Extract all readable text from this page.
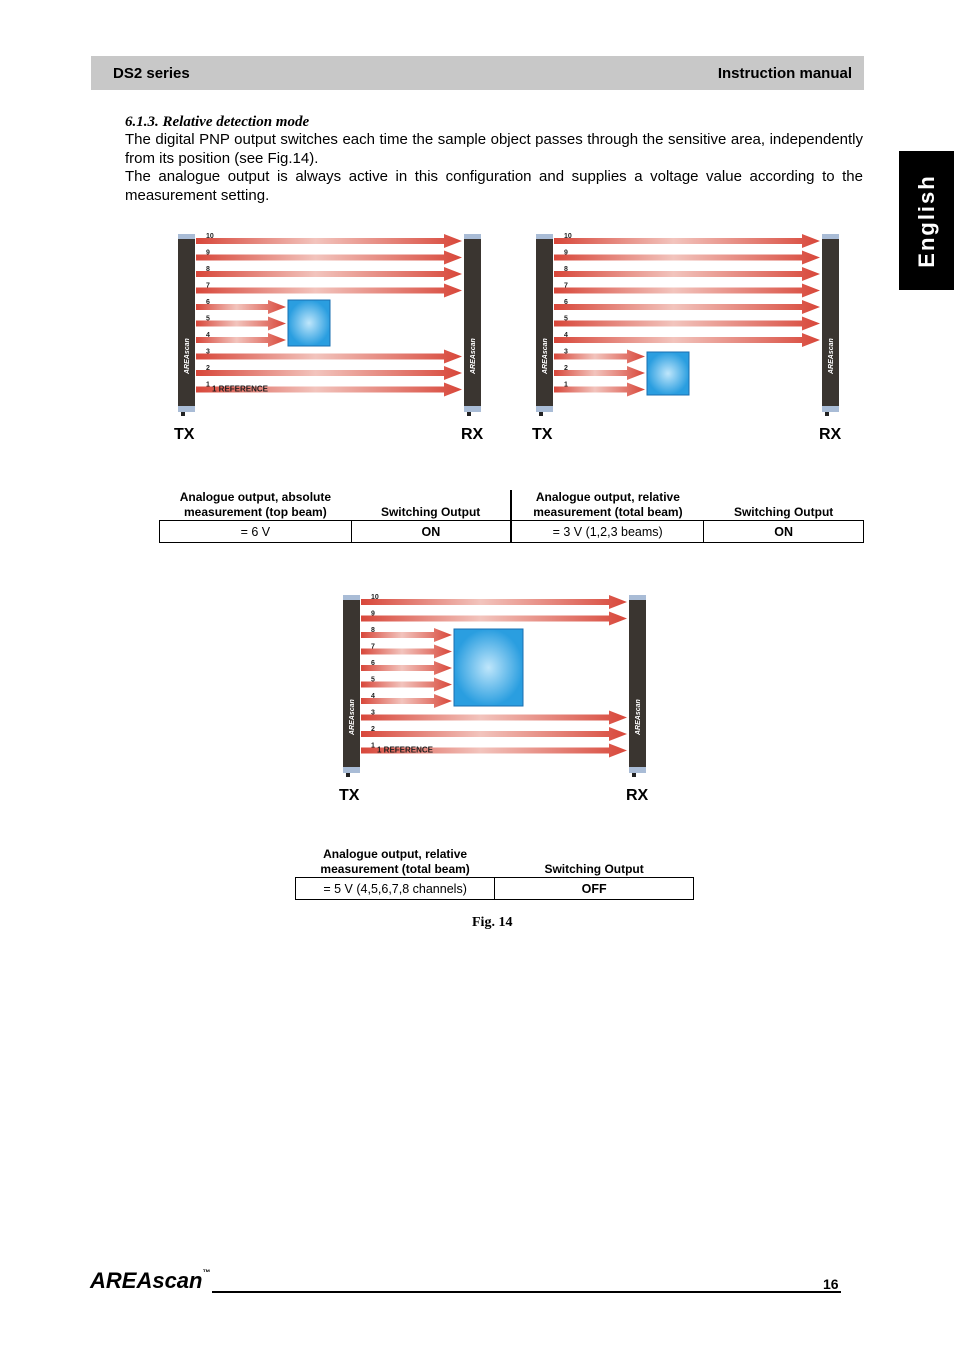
DS2 series	Instruction manual
English
6.1.3. Relative detection mode
The digital PNP output switches each time the sample object passes through the sensitive area, independently from its position (see Fig.14).
The analogue output is always active in this configuration and supplies a voltage value according to the measurement setting.
AREAscan	AREAscan
10
9
8
7
6
5
4
3
2
1 1 REFERENCE
TX	RX
AREAscan	AREAscan
10
9
8
7
6
5
4
3
2
1
TX	RX
AREAscan	AREAscan
10
9
8
7
6
5
4
3
2
1 1 REFERENCE
TX	RX
Analogue output, absolute measurement (top beam)	Switching Output	Analogue output, relative measurement (total beam)	Switching Output
= 6 V	ON	= 3 V (1,2,3 beams)	ON
Analogue output, relative measurement (total beam)	Switching Output
= 5 V (4,5,6,7,8 channels)	OFF
Fig. 14
AREAscan™
16
